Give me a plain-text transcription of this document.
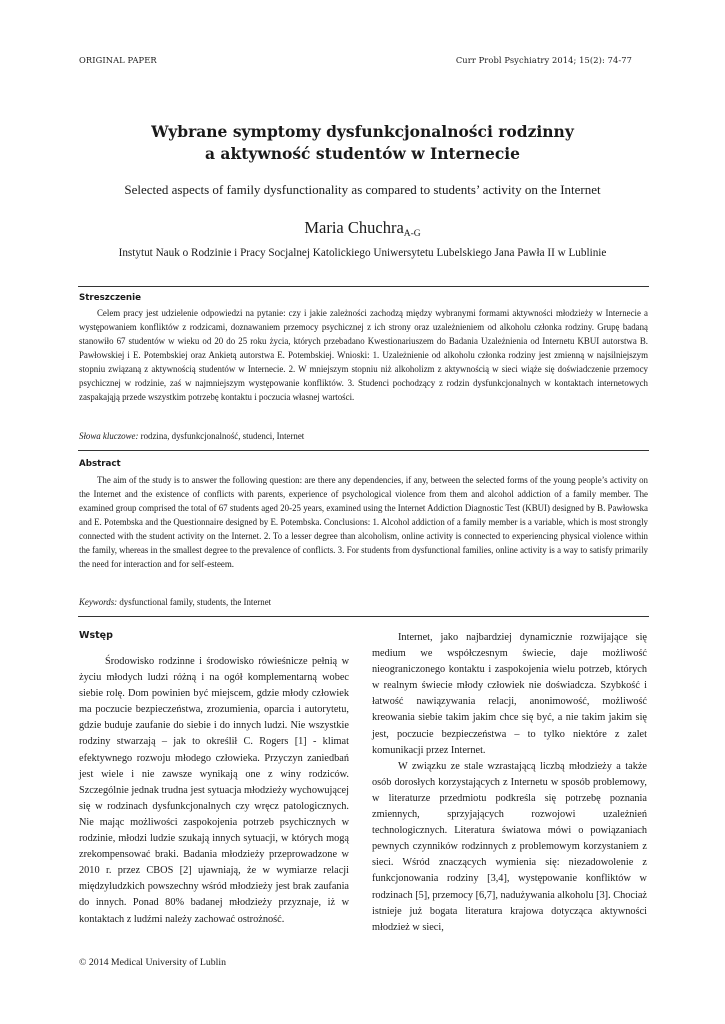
ORIGINAL PAPER	Curr Probl Psychiatry 2014; 15(2): 74-77
Wybrane symptomy dysfunkcjonalności rodzinny
a aktywność studentów w Internecie
Selected aspects of family dysfunctionality as compared to students’ activity on the Internet
Maria Chuchra$_{A-G}$
Instytut Nauk o Rodzinie i Pracy Socjalnej Katolickiego Uniwersytetu Lubelskiego Jana Pawła II w Lublinie
Streszczenie

Celem pracy jest udzielenie odpowiedzi na pytanie: czy i jakie zależności zachodzą między wybranymi formami aktywności młodzieży w Internecie a występowaniem konfliktów z rodzicami, doznawaniem przemocy psychicznej z ich strony oraz uzależnieniem od alkoholu członka rodziny. Grupę badaną stanowiło 67 studentów w wieku od 20 do 25 roku życia, których przebadano Kwestionariuszem do Badania Uzależnienia od Internetu KBUI autorstwa B. Pawłowskiej i E. Potembskiej oraz Ankietą autorstwa E. Potembskiej. Wnioski: 1. Uzależnienie od alkoholu członka rodziny jest zmienną w najsilniejszym stopniu związaną z aktywnością studentów w Internecie. 2. W mniejszym stopniu niż alkoholizm z aktywnością w sieci wiąże się doświadczenie przemocy psychicznej w rodzinie, zaś w najmniejszym występowanie konfliktów. 3. Studenci pochodzący z rodzin dysfunkcjonalnych w kontaktach internetowych zaspakająją przede wszystkim potrzebę kontaktu i poczucia własnej wartości.

Słowa kluczowe: rodzina, dysfunkcjonalność, studenci, Internet
Abstract

The aim of the study is to answer the following question: are there any dependencies, if any, between the selected forms of the young people’s activity on the Internet and the existence of conflicts with parents, experience of psychological violence from them and alcohol addiction of a family member. The examined group comprised the total of 67 students aged 20-25 years, examined using the Internet Addiction Diagnostic Test (KBUI) designed by B. Pawłowska and E. Potembska and the Questionnaire designed by E. Potembska. Conclusions: 1. Alcohol addiction of a family member is a variable, which is most strongly connected with the student activity on the Internet. 2. To a lesser degree than alcoholism, online activity is connected to experiencing physical violence within the family, whereas in the smallest degree to the prevalence of conflicts. 3. For students from dysfunctional families, online activity is a way to satisfy primarily the need for interaction and for self-esteem.

Keywords: dysfunctional family, students, the Internet
Wstęp

Środowisko rodzinne i środowisko rówieśnicze pełnią w życiu młodych ludzi różną i na ogół komplementarną wobec siebie rolę. Dom powinien być miejscem, gdzie młody człowiek ma poczucie bezpieczeństwa, zrozumienia, oparcia i autorytetu, gdzie buduje zaufanie do siebie i do innych ludzi. Nie wszystkie rodziny stwarzają – jak to określił C. Rogers [1] - klimat efektywnego rozwoju młodego człowieka. Przyczyn zaniedbań jest wiele i nie zawsze wynikają one z winy rodziców. Szczególnie jednak trudna jest sytuacja młodzieży wychowującej się w rodzinach dysfunkcjonalnych czy wręcz patologicznych. Nie mając możliwości zaspokojenia potrzeb psychicznych w rodzinie, młodzi ludzie szukają innych sytuacji, w których mogą zrekompensować braki. Badania młodzieży przeprowadzone w 2010 r. przez CBOS [2] ujawniają, że w wymiarze relacji międzyludzkich powszechny wśród młodzieży jest brak zaufania do innych. Ponad 80% badanej młodzieży przyznaje, iż w kontaktach z ludźmi należy zachować ostrożność.

Internet, jako najbardziej dynamicznie rozwijające się medium we współczesnym świecie, daje możliwość nieograniczonego kontaktu i zaspokojenia wielu potrzeb, których w realnym świecie młody człowiek nie doświadcza. Szybkość i łatwość nawiązywania relacji, anonimowość, możliwość kreowania siebie takim jakim chce się być, a nie takim jakim się jest, poczucie bezpieczeństwa – to tylko niektóre z zalet komunikacji przez Internet.

W związku ze stale wzrastającą liczbą młodzieży a także osób dorosłych korzystających z Internetu w sposób problemowy, w literaturze przedmiotu podkreśla się potrzebę poznania zmiennych, sprzyjających rozwojowi uzależnień technologicznych. Literatura światowa mówi o powiązaniach pewnych czynników rodzinnych z problemowym korzystaniem z sieci. Wśród znaczących wymienia się: niezadowolenie z funkcjonowania rodziny [3,4], występowanie konfliktów w rodzinach [5], przemocy [6,7], nadużywania alkoholu [3]. Chociaż istnieje już bogata literatura krajowa dotycząca aktywności młodzież w sieci,

© 2014 Medical University of Lublin
